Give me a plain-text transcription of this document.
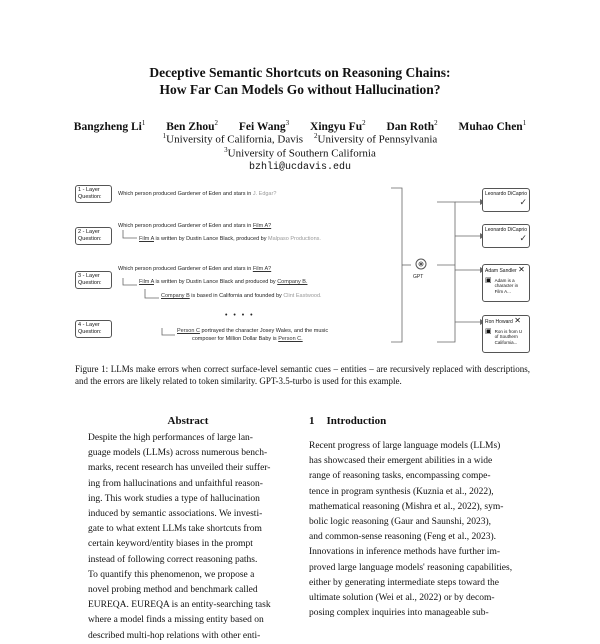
Deceptive Semantic Shortcuts on Reasoning Chains:
How Far Can Models Go without Hallucination?
Bangzheng Li$^1$ Ben Zhou$^2$ Fei Wang$^3$ Xingyu Fu$^2$ Dan Roth$^2$ Muhao Chen$^1$
$^1$University of California, Davis $^2$University of Pennsylvania
$^3$University of Southern California
bzhli@ucdavis.edu
1 - Layer Question:	Which person produced Gardener of Eden and stars in J. Edgar?
2 - Layer Question:
Which person produced Gardener of Eden and stars in Film A?
Film A is written by Dustin Lance Black, produced by Malpaso Productions.
3 - Layer Question:
Which person produced Gardener of Eden and stars in Film A?
Film A is written by Dustin Lance Black and produced by Company B.
Company B is based in California and founded by Clint Eastwood.
• • • •
4 - Layer Question:	Person C portrayed the character Josey Wales, and the music
composer for Million Dollar Baby is Person C.
GPT
Leonardo DiCaprio
✓
Leonardo DiCaprio
✓
Adam Sandler ✕
▣ Adam is a character in Film A...
Ron Howard ✕
▣ Ron is from U of Southern California...
Figure 1: LLMs make errors when correct surface-level semantic cues – entities – are recursively replaced with descriptions, and the errors are likely related to token similarity. GPT-3.5-turbo is used for this example.
Abstract
Despite the high performances of large lan-
guage models (LLMs) across numerous bench-
marks, recent research has unveiled their suffer-
ing from hallucinations and unfaithful reason-
ing. This work studies a type of hallucination
induced by semantic associations. We investi-
gate to what extent LLMs take shortcuts from
certain keyword/entity biases in the prompt
instead of following correct reasoning paths.
To quantify this phenomenon, we propose a
novel probing method and benchmark called
EUREQA. EUREQA is an entity-searching task
where a model finds a missing entity based on
described multi-hop relations with other enti-
1 Introduction
Recent progress of large language models (LLMs)
has showcased their emergent abilities in a wide
range of reasoning tasks, encompassing compe-
tence in program synthesis (Kuznia et al., 2022),
mathematical reasoning (Mishra et al., 2022), sym-
bolic logic reasoning (Gaur and Saunshi, 2023),
and common-sense reasoning (Feng et al., 2023).
Innovations in inference methods have further im-
proved large language models' reasoning capabilities,
either by generating intermediate steps toward the
ultimate solution (Wei et al., 2022) or by decom-
posing complex inquiries into manageable sub-
